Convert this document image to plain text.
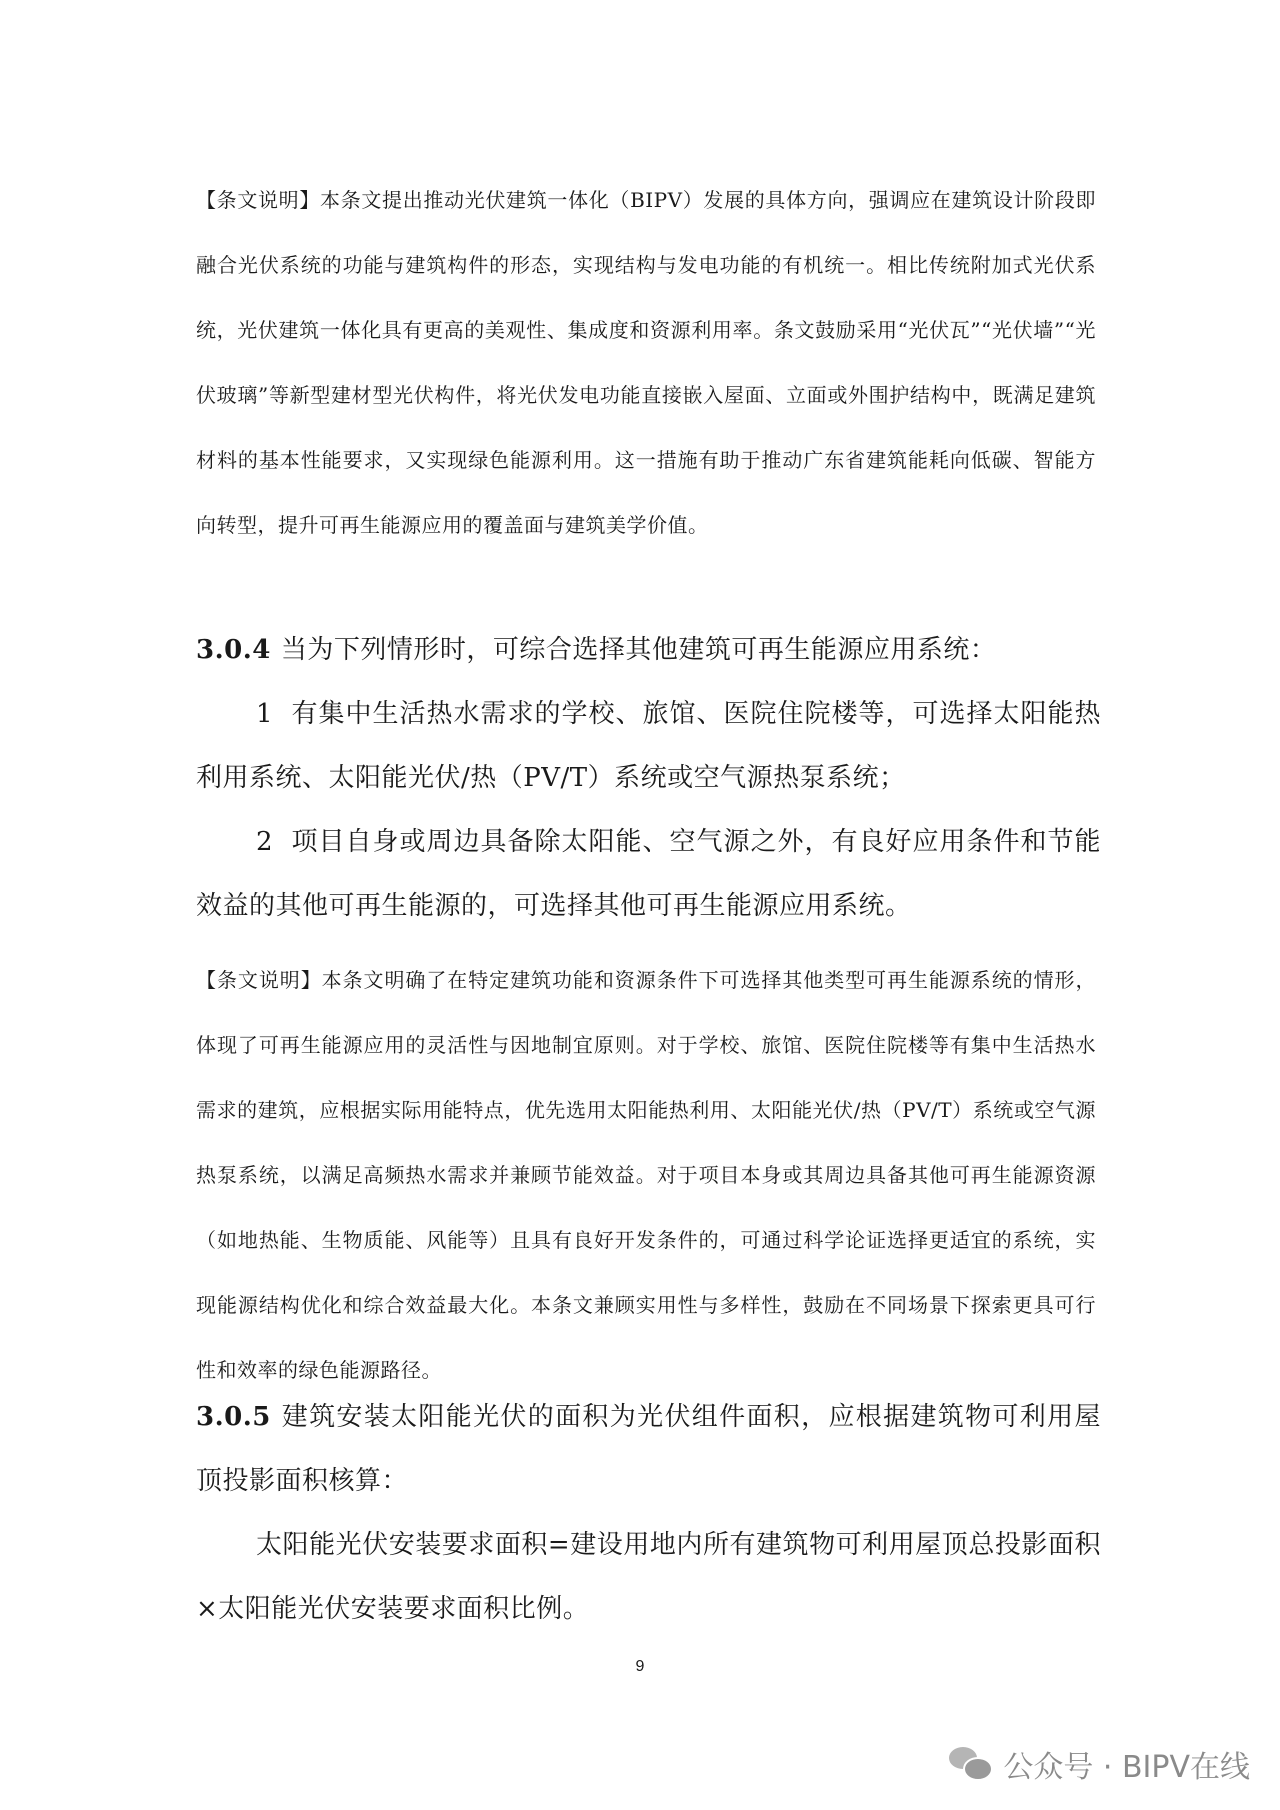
【条文说明】本条文提出推动光伏建筑一体化（BIPV）发展的具体方向，强调应在建筑设计阶段即融合光伏系统的功能与建筑构件的形态，实现结构与发电功能的有机统一。相比传统附加式光伏系统，光伏建筑一体化具有更高的美观性、集成度和资源利用率。条文鼓励采用“光伏瓦”“光伏墙”“光伏玻璃”等新型建材型光伏构件，将光伏发电功能直接嵌入屋面、立面或外围护结构中，既满足建筑材料的基本性能要求，又实现绿色能源利用。这一措施有助于推动广东省建筑能耗向低碳、智能方向转型，提升可再生能源应用的覆盖面与建筑美学价值。

3.0.4 当为下列情形时，可综合选择其他建筑可再生能源应用系统：

1 有集中生活热水需求的学校、旅馆、医院住院楼等，可选择太阳能热利用系统、太阳能光伏/热（PV/T）系统或空气源热泵系统；

2 项目自身或周边具备除太阳能、空气源之外，有良好应用条件和节能效益的其他可再生能源的，可选择其他可再生能源应用系统。

【条文说明】本条文明确了在特定建筑功能和资源条件下可选择其他类型可再生能源系统的情形，体现了可再生能源应用的灵活性与因地制宜原则。对于学校、旅馆、医院住院楼等有集中生活热水需求的建筑，应根据实际用能特点，优先选用太阳能热利用、太阳能光伏/热（PV/T）系统或空气源热泵系统，以满足高频热水需求并兼顾节能效益。对于项目本身或其周边具备其他可再生能源资源（如地热能、生物质能、风能等）且具有良好开发条件的，可通过科学论证选择更适宜的系统，实现能源结构优化和综合效益最大化。本条文兼顾实用性与多样性，鼓励在不同场景下探索更具可行性和效率的绿色能源路径。

3.0.5 建筑安装太阳能光伏的面积为光伏组件面积，应根据建筑物可利用屋顶投影面积核算：

太阳能光伏安装要求面积=建设用地内所有建筑物可利用屋顶总投影面积×太阳能光伏安装要求面积比例。

9
公众号 · BIPV在线
